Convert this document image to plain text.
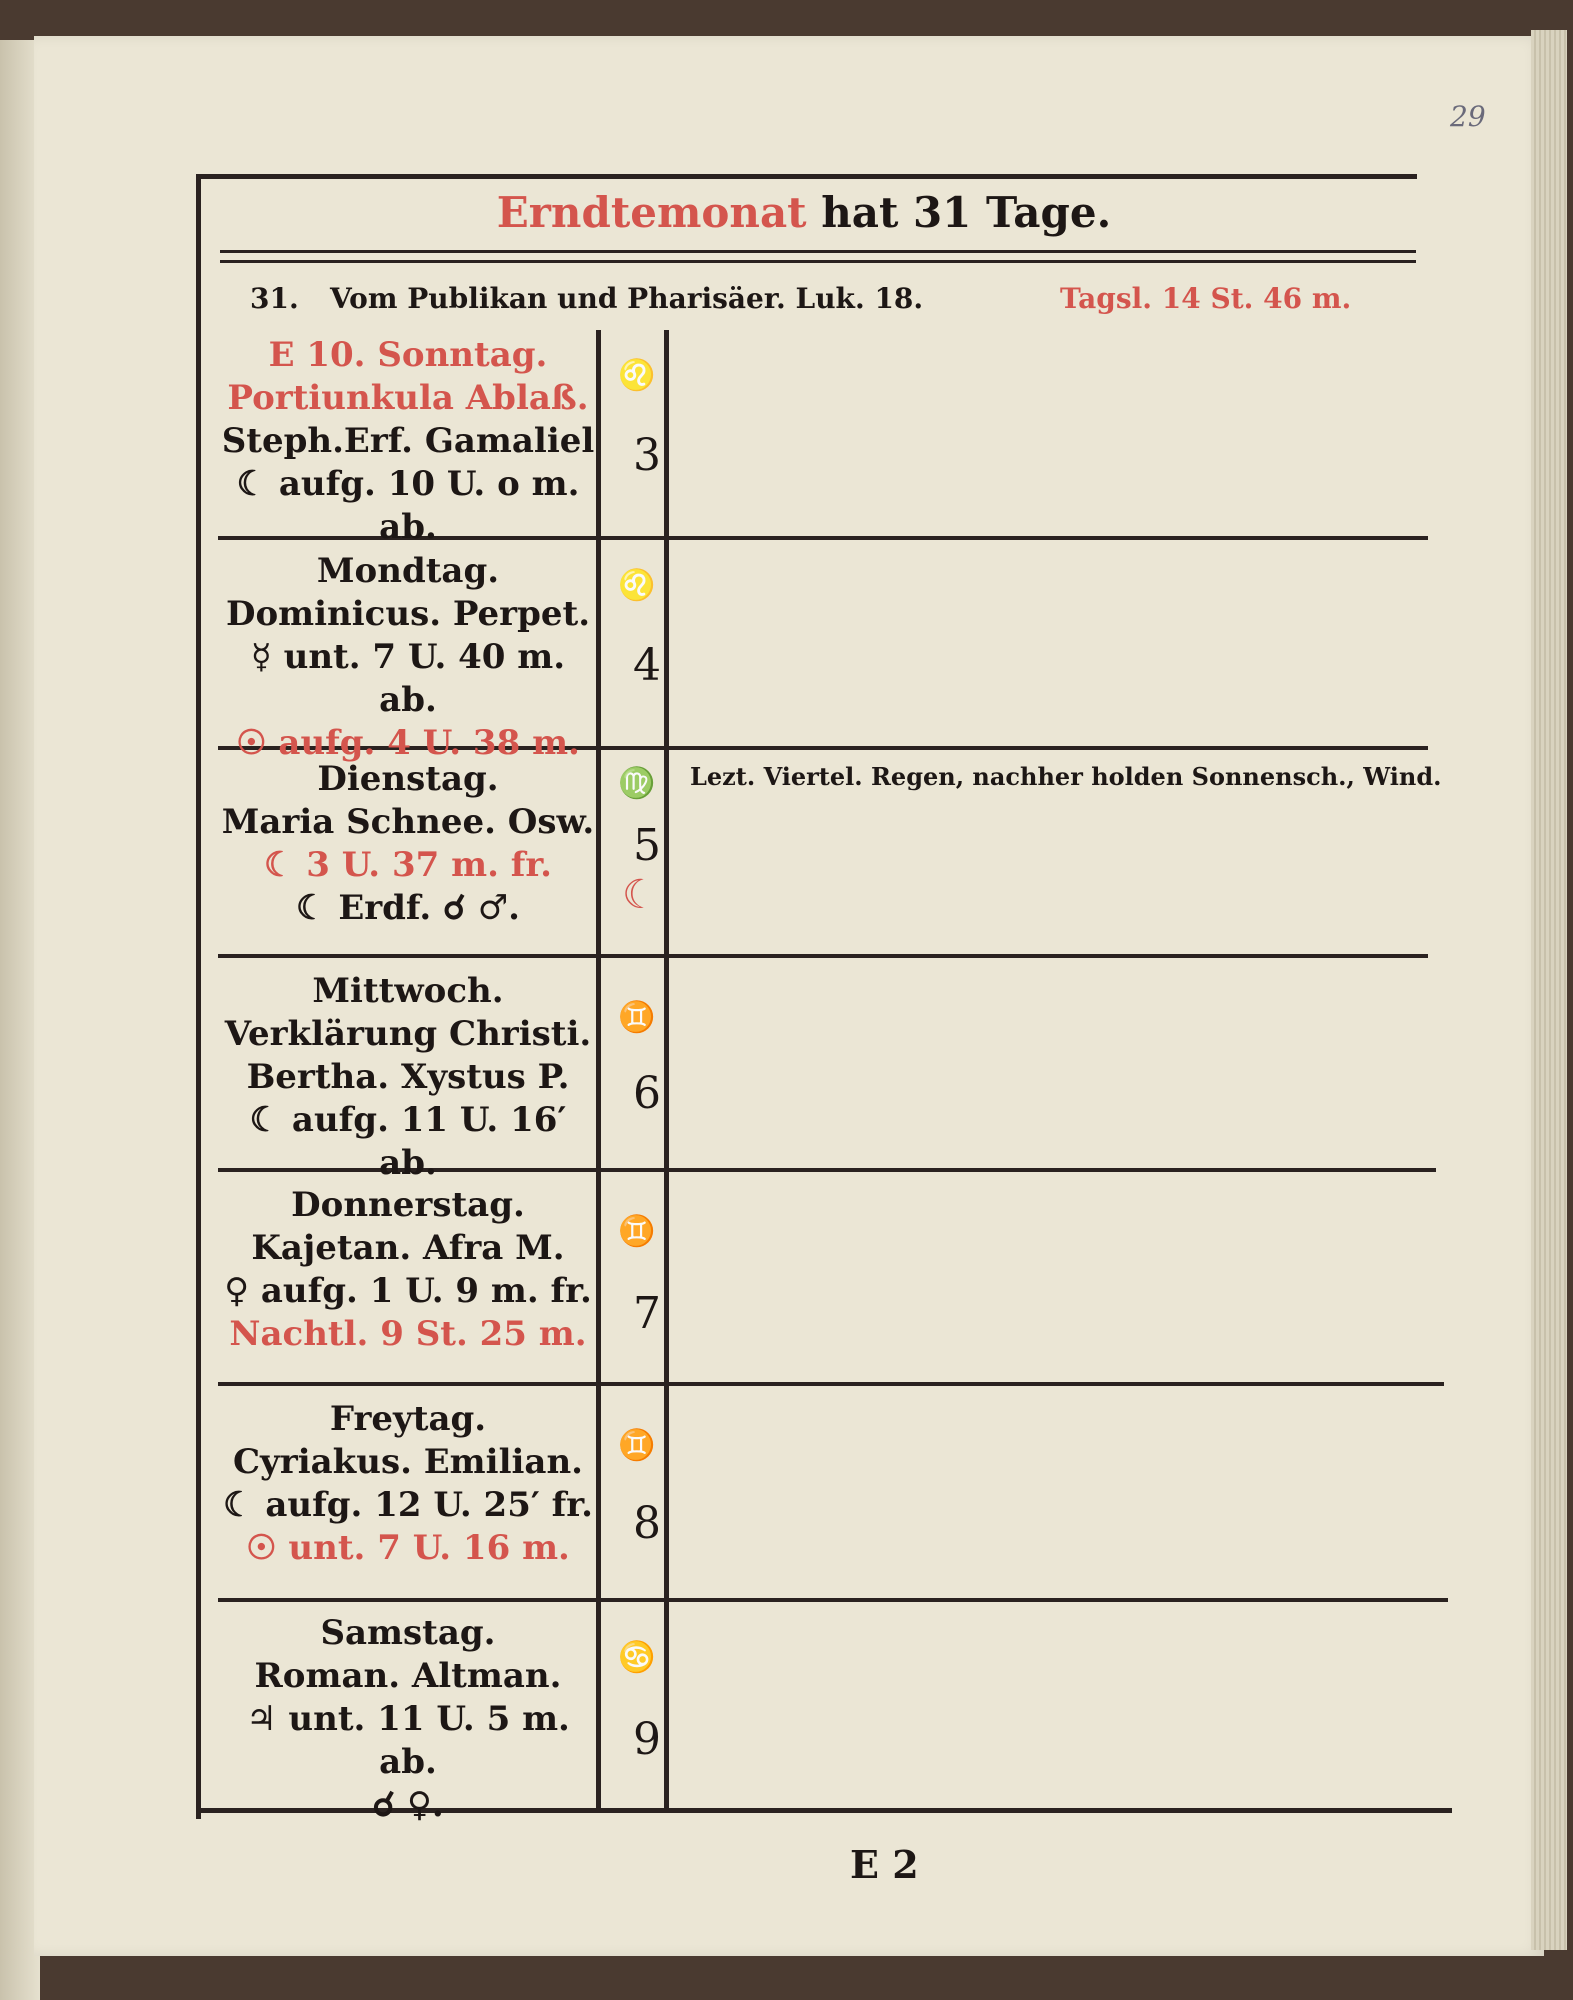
29
Erndtemonat hat 31 Tage.
31. Vom Publikan und Pharisäer. Luk. 18.	Tagsl. 14 St. 46 m.
E 10. Sonntag.
Portiunkula Ablaß.
Steph.Erf. Gamaliel
☾ aufg. 10 U. o m. ab.
♌
3
Mondtag.
Dominicus. Perpet.
☿ unt. 7 U. 40 m. ab.
☉ aufg. 4 U. 38 m.
♌
4
Dienstag.
Maria Schnee. Osw.
☾ 3 U. 37 m. fr.
☾ Erdf. ☌ ♂.
♍
5
☾
Lezt. Viertel. Regen, nachher holden Sonnensch., Wind.
Mittwoch.
Verklärung Christi.
Bertha. Xystus P.
☾ aufg. 11 U. 16′ ab.
♊
6
Donnerstag.
Kajetan. Afra M.
♀ aufg. 1 U. 9 m. fr.
Nachtl. 9 St. 25 m.
♊
7
Freytag.
Cyriakus. Emilian.
☾ aufg. 12 U. 25′ fr.
☉ unt. 7 U. 16 m.
♊
8
Samstag.
Roman. Altman.
♃ unt. 11 U. 5 m. ab.
☌ ♀.
♋
9
E 2
